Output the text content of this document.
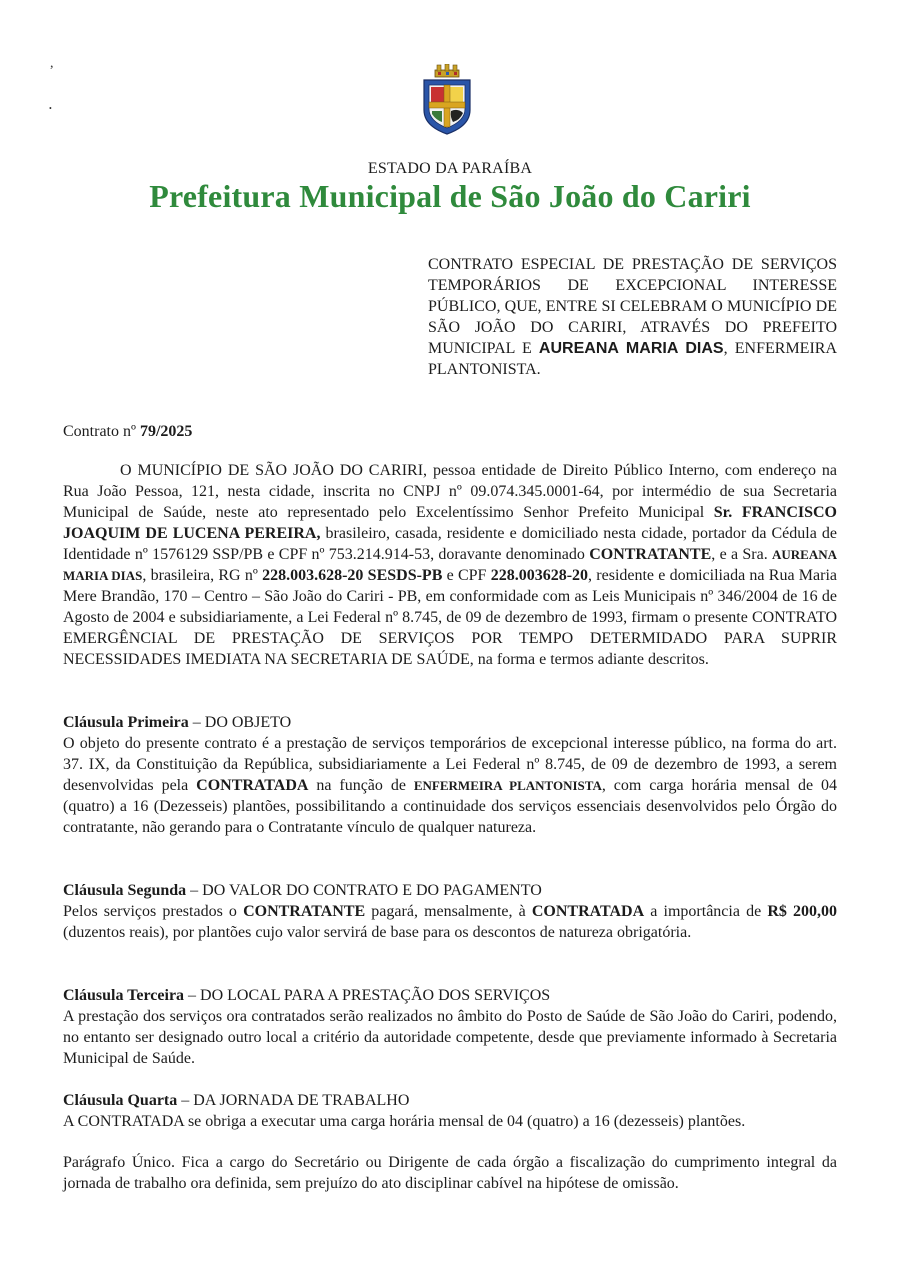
,
•
ESTADO DA PARAÍBA
Prefeitura Municipal de São João do Cariri
CONTRATO ESPECIAL DE PRESTAÇÃO DE SERVIÇOS TEMPORÁRIOS DE EXCEPCIONAL INTERESSE PÚBLICO, QUE, ENTRE SI CELEBRAM O MUNICÍPIO DE SÃO JOÃO DO CARIRI, ATRAVÉS DO PREFEITO MUNICIPAL E AUREANA MARIA DIAS, ENFERMEIRA PLANTONISTA.
Contrato nº 79/2025
O MUNICÍPIO DE SÃO JOÃO DO CARIRI, pessoa entidade de Direito Público Interno, com endereço na Rua João Pessoa, 121, nesta cidade, inscrita no CNPJ nº 09.074.345.0001-64, por intermédio de sua Secretaria Municipal de Saúde, neste ato representado pelo Excelentíssimo Senhor Prefeito Municipal Sr. FRANCISCO JOAQUIM DE LUCENA PEREIRA, brasileiro, casada, residente e domiciliado nesta cidade, portador da Cédula de Identidade nº 1576129 SSP/PB e CPF nº 753.214.914-53, doravante denominado CONTRATANTE, e a Sra. AUREANA MARIA DIAS, brasileira, RG nº 228.003.628-20 SESDS-PB e CPF 228.003628-20, residente e domiciliada na Rua Maria Mere Brandão, 170 – Centro – São João do Cariri - PB, em conformidade com as Leis Municipais nº 346/2004 de 16 de Agosto de 2004 e subsidiariamente, a Lei Federal nº 8.745, de 09 de dezembro de 1993, firmam o presente CONTRATO EMERGÊNCIAL DE PRESTAÇÃO DE SERVIÇOS POR TEMPO DETERMIDADO PARA SUPRIR NECESSIDADES IMEDIATA NA SECRETARIA DE SAÚDE, na forma e termos adiante descritos.
Cláusula Primeira – DO OBJETO
O objeto do presente contrato é a prestação de serviços temporários de excepcional interesse público, na forma do art. 37. IX, da Constituição da República, subsidiariamente a Lei Federal nº 8.745, de 09 de dezembro de 1993, a serem desenvolvidas pela CONTRATADA na função de ENFERMEIRA PLANTONISTA, com carga horária mensal de 04 (quatro) a 16 (Dezesseis) plantões, possibilitando a continuidade dos serviços essenciais desenvolvidos pelo Órgão do contratante, não gerando para o Contratante vínculo de qualquer natureza.
Cláusula Segunda – DO VALOR DO CONTRATO E DO PAGAMENTO
Pelos serviços prestados o CONTRATANTE pagará, mensalmente, à CONTRATADA a importância de R$ 200,00 (duzentos reais), por plantões cujo valor servirá de base para os descontos de natureza obrigatória.
Cláusula Terceira – DO LOCAL PARA A PRESTAÇÃO DOS SERVIÇOS
A prestação dos serviços ora contratados serão realizados no âmbito do Posto de Saúde de São João do Cariri, podendo, no entanto ser designado outro local a critério da autoridade competente, desde que previamente informado à Secretaria Municipal de Saúde.
Cláusula Quarta – DA JORNADA DE TRABALHO
A CONTRATADA se obriga a executar uma carga horária mensal de 04 (quatro) a 16 (dezesseis) plantões.
Parágrafo Único. Fica a cargo do Secretário ou Dirigente de cada órgão a fiscalização do cumprimento integral da jornada de trabalho ora definida, sem prejuízo do ato disciplinar cabível na hipótese de omissão.
